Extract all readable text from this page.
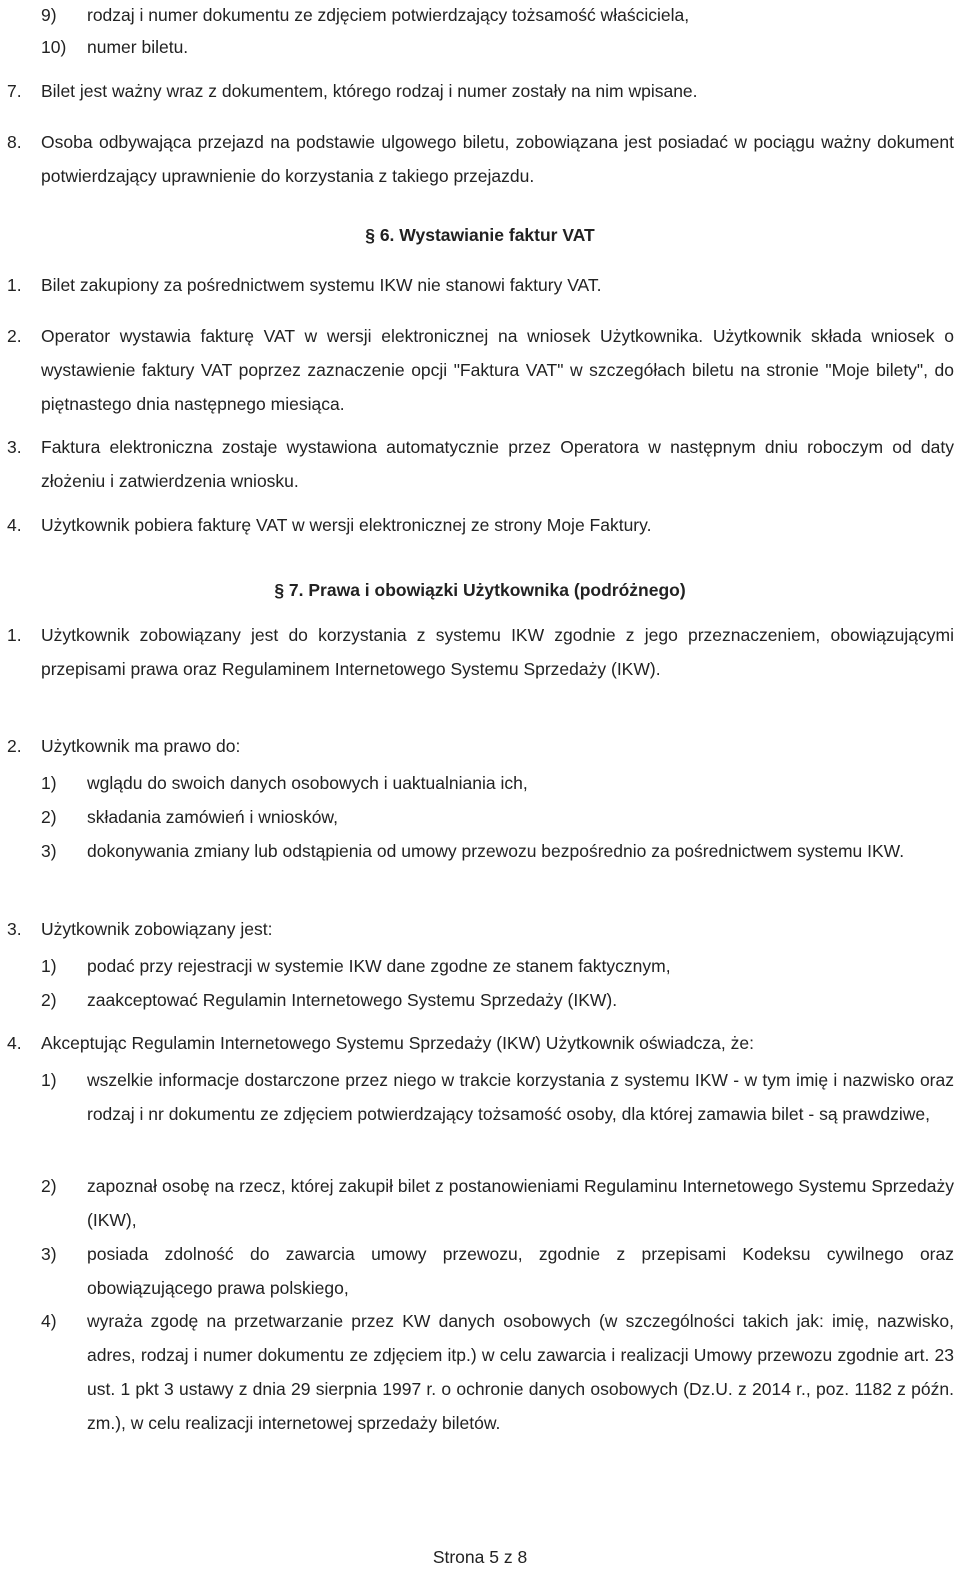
9) rodzaj i numer dokumentu ze zdjęciem potwierdzający tożsamość właściciela,
10) numer biletu.
7. Bilet jest ważny wraz z dokumentem, którego rodzaj i numer zostały na nim wpisane.
8. Osoba odbywająca przejazd na podstawie ulgowego biletu, zobowiązana jest posiadać w pociągu ważny dokument potwierdzający uprawnienie do korzystania z takiego przejazdu.
§ 6. Wystawianie faktur VAT
1. Bilet zakupiony za pośrednictwem systemu IKW nie stanowi faktury VAT.
2. Operator wystawia fakturę VAT w wersji elektronicznej na wniosek Użytkownika. Użytkownik składa wniosek o wystawienie faktury VAT poprzez zaznaczenie opcji "Faktura VAT" w szczegółach biletu na stronie "Moje bilety", do piętnastego dnia następnego miesiąca.
3. Faktura elektroniczna zostaje wystawiona automatycznie przez Operatora w następnym dniu roboczym od daty złożeniu i zatwierdzenia wniosku.
4. Użytkownik pobiera fakturę VAT w wersji elektronicznej ze strony Moje Faktury.
§ 7. Prawa i obowiązki Użytkownika (podróżnego)
1. Użytkownik zobowiązany jest do korzystania z systemu IKW zgodnie z jego przeznaczeniem, obowiązującymi przepisami prawa oraz Regulaminem Internetowego Systemu Sprzedaży (IKW).
2. Użytkownik ma prawo do:
1) wglądu do swoich danych osobowych i uaktualniania ich,
2) składania zamówień i wniosków,
3) dokonywania zmiany lub odstąpienia od umowy przewozu bezpośrednio za pośrednictwem systemu IKW.
3. Użytkownik zobowiązany jest:
1) podać przy rejestracji w systemie IKW dane zgodne ze stanem faktycznym,
2) zaakceptować Regulamin Internetowego Systemu Sprzedaży (IKW).
4. Akceptując Regulamin Internetowego Systemu Sprzedaży (IKW) Użytkownik oświadcza, że:
1) wszelkie informacje dostarczone przez niego w trakcie korzystania z systemu IKW - w tym imię i nazwisko oraz rodzaj i nr dokumentu ze zdjęciem potwierdzający tożsamość osoby, dla której zamawia bilet - są prawdziwe,
2) zapoznał osobę na rzecz, której zakupił bilet z postanowieniami Regulaminu Internetowego Systemu Sprzedaży (IKW),
3) posiada zdolność do zawarcia umowy przewozu, zgodnie z przepisami Kodeksu cywilnego oraz obowiązującego prawa polskiego,
4) wyraża zgodę na przetwarzanie przez KW danych osobowych (w szczególności takich jak: imię, nazwisko, adres, rodzaj i numer dokumentu ze zdjęciem itp.) w celu zawarcia i realizacji Umowy przewozu zgodnie art. 23 ust. 1 pkt 3 ustawy z dnia 29 sierpnia 1997 r. o ochronie danych osobowych (Dz.U. z 2014 r., poz. 1182 z późn. zm.), w celu realizacji internetowej sprzedaży biletów.
Strona 5 z 8
